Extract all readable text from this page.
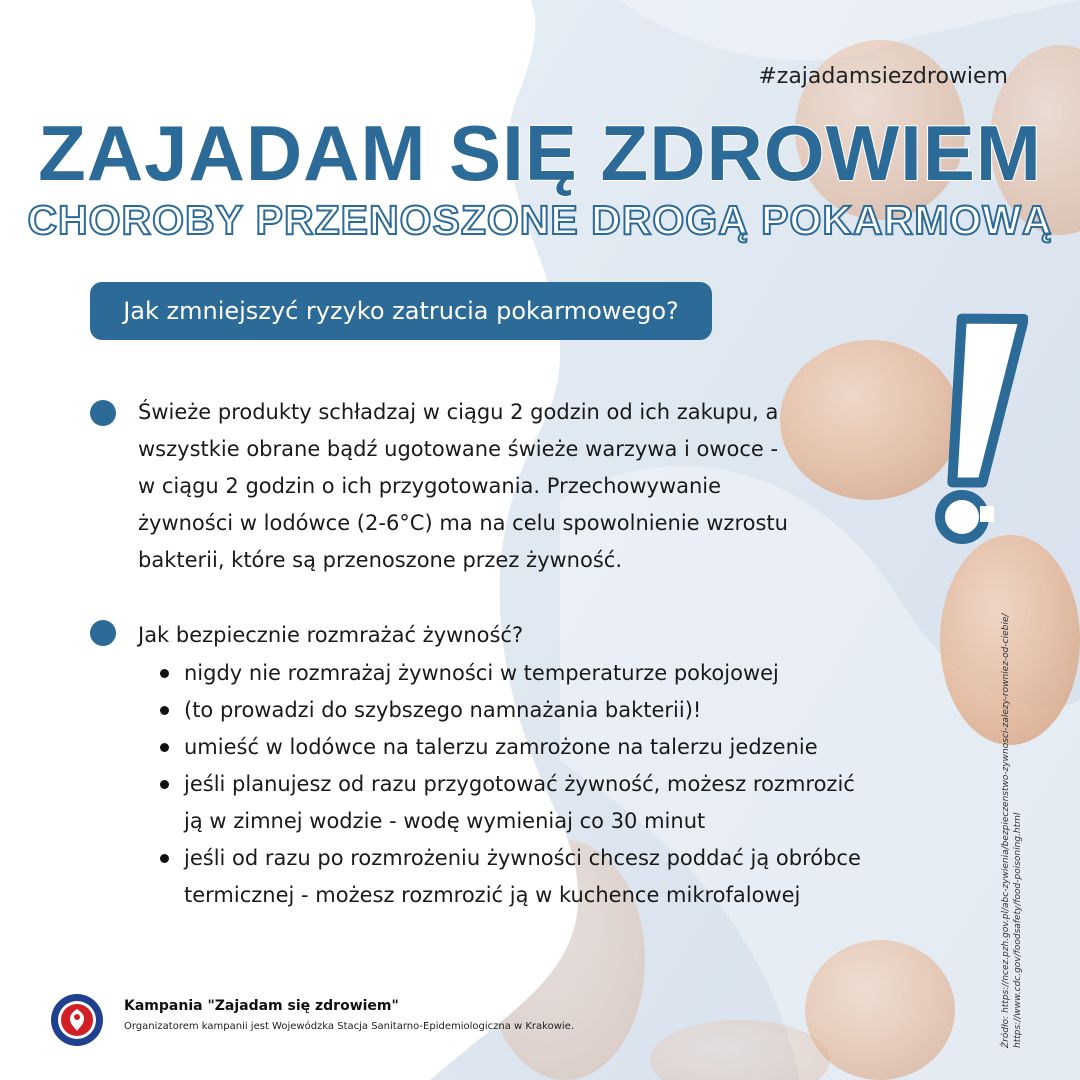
#zajadamsiezdrowiem
ZAJADAM SIĘ ZDROWIEM
CHOROBY PRZENOSZONE DROGĄ POKARMOWĄ
Jak zmniejszyć ryzyko zatrucia pokarmowego?
Świeże produkty schładzaj w ciągu 2 godzin od ich zakupu, a
wszystkie obrane bądź ugotowane świeże warzywa i owoce -
w ciągu 2 godzin o ich przygotowania. Przechowywanie
żywności w lodówce (2-6°C) ma na celu spowolnienie wzrostu
bakterii, które są przenoszone przez żywność.
Jak bezpiecznie rozmrażać żywność?
nigdy nie rozmrażaj żywności w temperaturze pokojowej
(to prowadzi do szybszego namnażania bakterii)!
umieść w lodówce na talerzu zamrożone na talerzu jedzenie
jeśli planujesz od razu przygotować żywność, możesz rozmrozić
ją w zimnej wodzie - wodę wymieniaj co 30 minut
jeśli od razu po rozmrożeniu żywności chcesz poddać ją obróbce
termicznej - możesz rozmrozić ją w kuchence mikrofalowej
Kampania "Zajadam się zdrowiem"
Organizatorem kampanii jest Wojewódzka Stacja Sanitarno-Epidemiologiczna w Krakowie.	Źródło: https://ncez.pzh.gov.pl/abc-zywienia/bezpieczenstwo-zywnosci-zalezy-rowniez-od-ciebie/ https://www.cdc.gov/foodsafety/food-poisoning.html
